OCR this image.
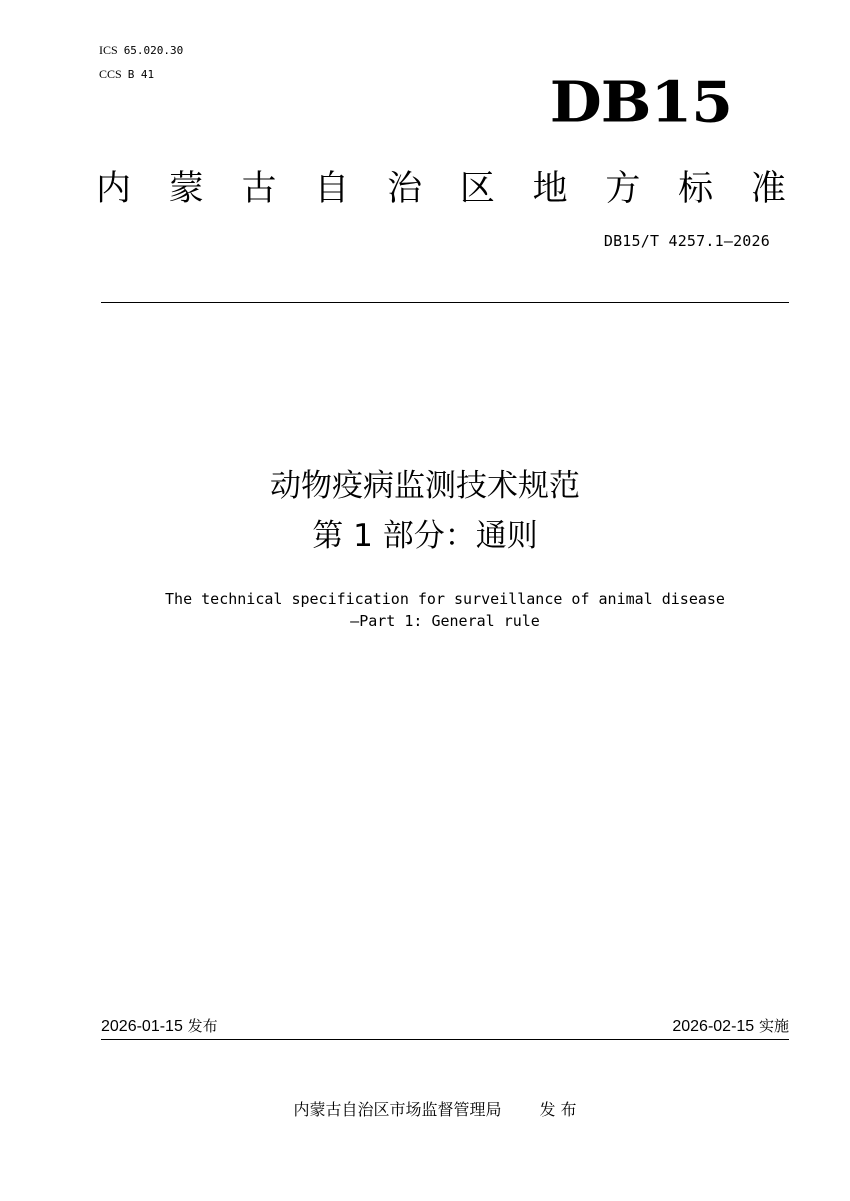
ICS 65.020.30
CCS B 41	DB15
内 蒙 古 自 治 区 地 方 标 准
DB15/T 4257.1—2026
动物疫病监测技术规范
第 1 部分：通则
The technical specification for surveillance of animal disease
—Part 1: General rule
2026-01-15 发布	2026-02-15 实施
内蒙古自治区市场监督管理局 发 布
